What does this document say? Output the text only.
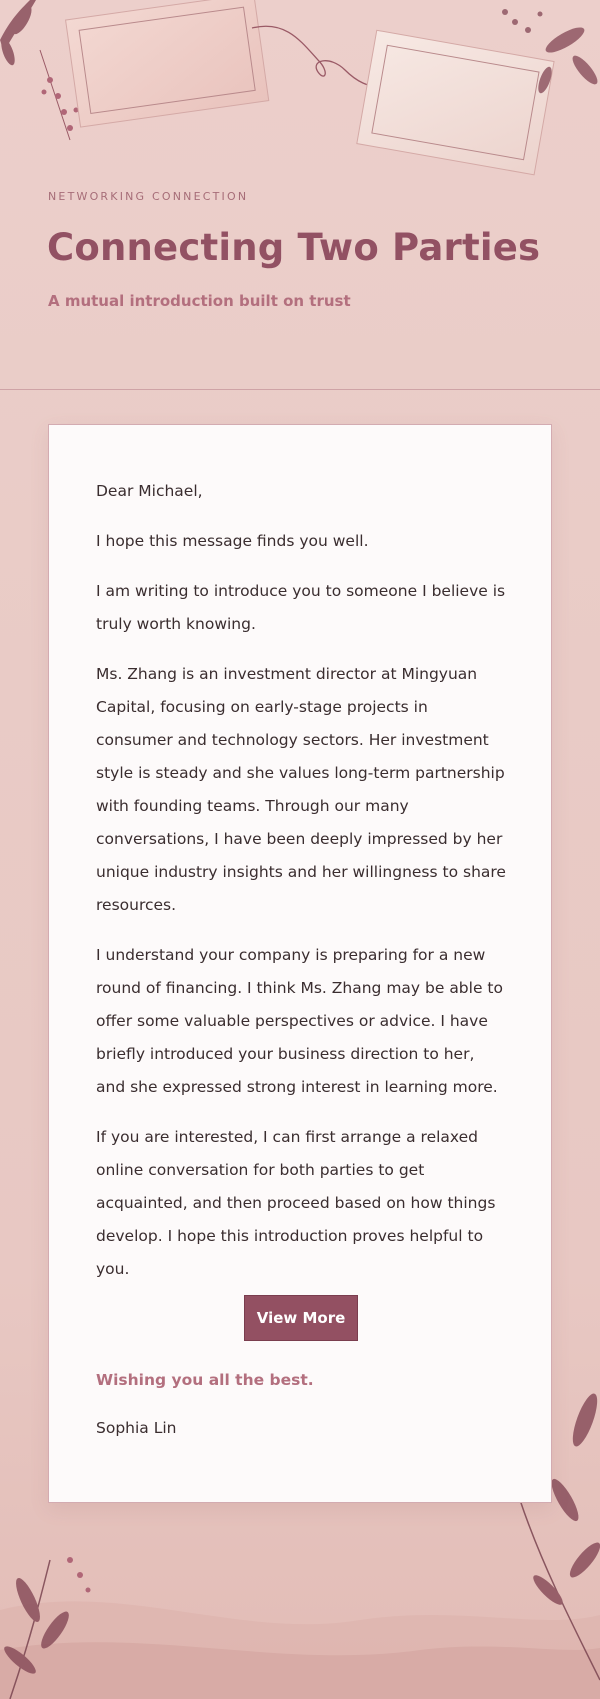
NETWORKING CONNECTION
Connecting Two Parties
A mutual introduction built on trust

Dear Michael,

I hope this message finds you well.

I am writing to introduce you to someone I believe is truly worth knowing.

Ms. Zhang is an investment director at Mingyuan Capital, focusing on early-stage projects in consumer and technology sectors. Her investment style is steady and she values long-term partnership with founding teams. Through our many conversations, I have been deeply impressed by her unique industry insights and her willingness to share resources.

I understand your company is preparing for a new round of financing. I think Ms. Zhang may be able to offer some valuable perspectives or advice. I have briefly introduced your business direction to her, and she expressed strong interest in learning more.

If you are interested, I can first arrange a relaxed online conversation for both parties to get acquainted, and then proceed based on how things develop. I hope this introduction proves helpful to you.

View More
Wishing you all the best.
Sophia Lin
